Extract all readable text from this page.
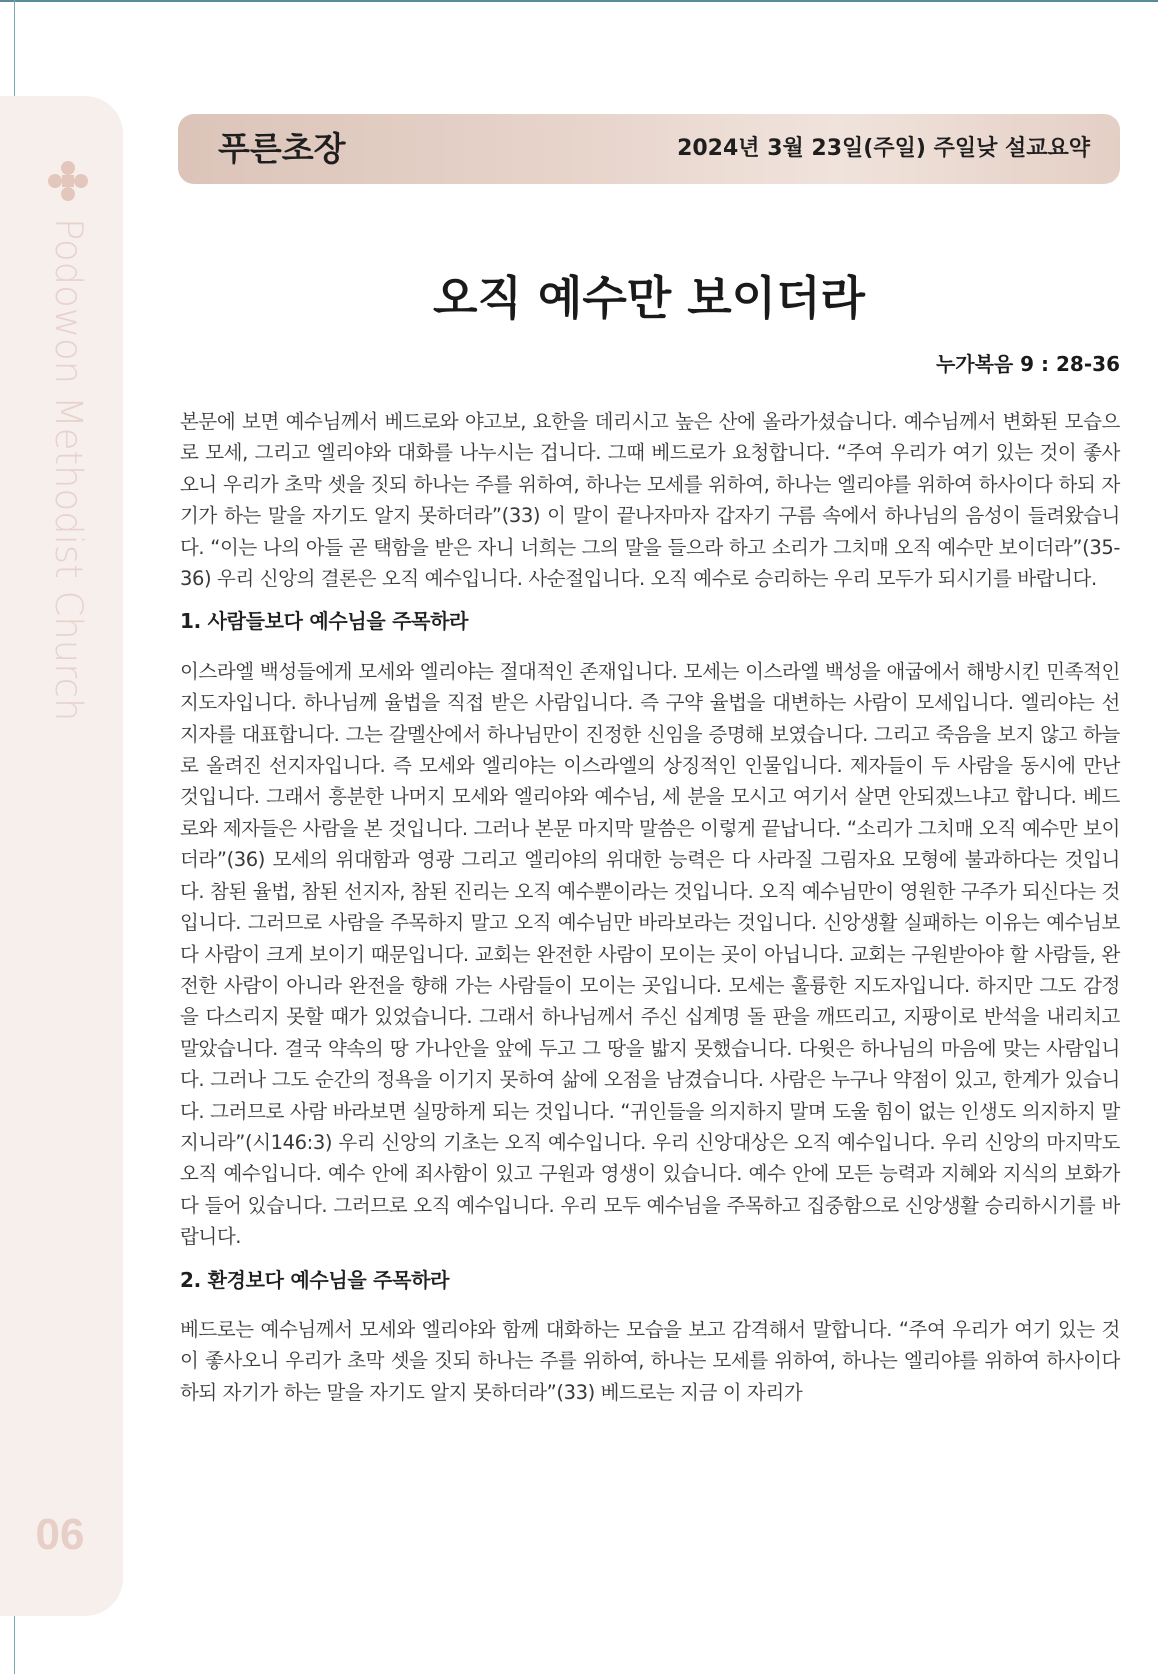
Podowon Methodist Church
06
푸른초장	2024년 3월 23일(주일) 주일낮 설교요약
오직 예수만 보이더라
누가복음 9 : 28-36

본문에 보면 예수님께서 베드로와 야고보, 요한을 데리시고 높은 산에 올라가셨습니다. 예수님께서 변화된 모습으로 모세, 그리고 엘리야와 대화를 나누시는 겁니다. 그때 베드로가 요청합니다. “주여 우리가 여기 있는 것이 좋사오니 우리가 초막 셋을 짓되 하나는 주를 위하여, 하나는 모세를 위하여, 하나는 엘리야를 위하여 하사이다 하되 자기가 하는 말을 자기도 알지 못하더라”(33) 이 말이 끝나자마자 갑자기 구름 속에서 하나님의 음성이 들려왔습니다. “이는 나의 아들 곧 택함을 받은 자니 너희는 그의 말을 들으라 하고 소리가 그치매 오직 예수만 보이더라”(35-36) 우리 신앙의 결론은 오직 예수입니다. 사순절입니다. 오직 예수로 승리하는 우리 모두가 되시기를 바랍니다.

1. 사람들보다 예수님을 주목하라

이스라엘 백성들에게 모세와 엘리야는 절대적인 존재입니다. 모세는 이스라엘 백성을 애굽에서 해방시킨 민족적인 지도자입니다. 하나님께 율법을 직접 받은 사람입니다. 즉 구약 율법을 대변하는 사람이 모세입니다. 엘리야는 선지자를 대표합니다. 그는 갈멜산에서 하나님만이 진정한 신임을 증명해 보였습니다. 그리고 죽음을 보지 않고 하늘로 올려진 선지자입니다. 즉 모세와 엘리야는 이스라엘의 상징적인 인물입니다. 제자들이 두 사람을 동시에 만난 것입니다. 그래서 흥분한 나머지 모세와 엘리야와 예수님, 세 분을 모시고 여기서 살면 안되겠느냐고 합니다. 베드로와 제자들은 사람을 본 것입니다. 그러나 본문 마지막 말씀은 이렇게 끝납니다. “소리가 그치매 오직 예수만 보이더라”(36) 모세의 위대함과 영광 그리고 엘리야의 위대한 능력은 다 사라질 그림자요 모형에 불과하다는 것입니다. 참된 율법, 참된 선지자, 참된 진리는 오직 예수뿐이라는 것입니다. 오직 예수님만이 영원한 구주가 되신다는 것입니다. 그러므로 사람을 주목하지 말고 오직 예수님만 바라보라는 것입니다. 신앙생활 실패하는 이유는 예수님보다 사람이 크게 보이기 때문입니다. 교회는 완전한 사람이 모이는 곳이 아닙니다. 교회는 구원받아야 할 사람들, 완전한 사람이 아니라 완전을 향해 가는 사람들이 모이는 곳입니다. 모세는 훌륭한 지도자입니다. 하지만 그도 감정을 다스리지 못할 때가 있었습니다. 그래서 하나님께서 주신 십계명 돌 판을 깨뜨리고, 지팡이로 반석을 내리치고 말았습니다. 결국 약속의 땅 가나안을 앞에 두고 그 땅을 밟지 못했습니다. 다윗은 하나님의 마음에 맞는 사람입니다. 그러나 그도 순간의 정욕을 이기지 못하여 삶에 오점을 남겼습니다. 사람은 누구나 약점이 있고, 한계가 있습니다. 그러므로 사람 바라보면 실망하게 되는 것입니다. “귀인들을 의지하지 말며 도울 힘이 없는 인생도 의지하지 말지니라”(시146:3) 우리 신앙의 기초는 오직 예수입니다. 우리 신앙대상은 오직 예수입니다. 우리 신앙의 마지막도 오직 예수입니다. 예수 안에 죄사함이 있고 구원과 영생이 있습니다. 예수 안에 모든 능력과 지혜와 지식의 보화가 다 들어 있습니다. 그러므로 오직 예수입니다. 우리 모두 예수님을 주목하고 집중함으로 신앙생활 승리하시기를 바랍니다.

2. 환경보다 예수님을 주목하라

베드로는 예수님께서 모세와 엘리야와 함께 대화하는 모습을 보고 감격해서 말합니다. “주여 우리가 여기 있는 것이 좋사오니 우리가 초막 셋을 짓되 하나는 주를 위하여, 하나는 모세를 위하여, 하나는 엘리야를 위하여 하사이다 하되 자기가 하는 말을 자기도 알지 못하더라”(33) 베드로는 지금 이 자리가
